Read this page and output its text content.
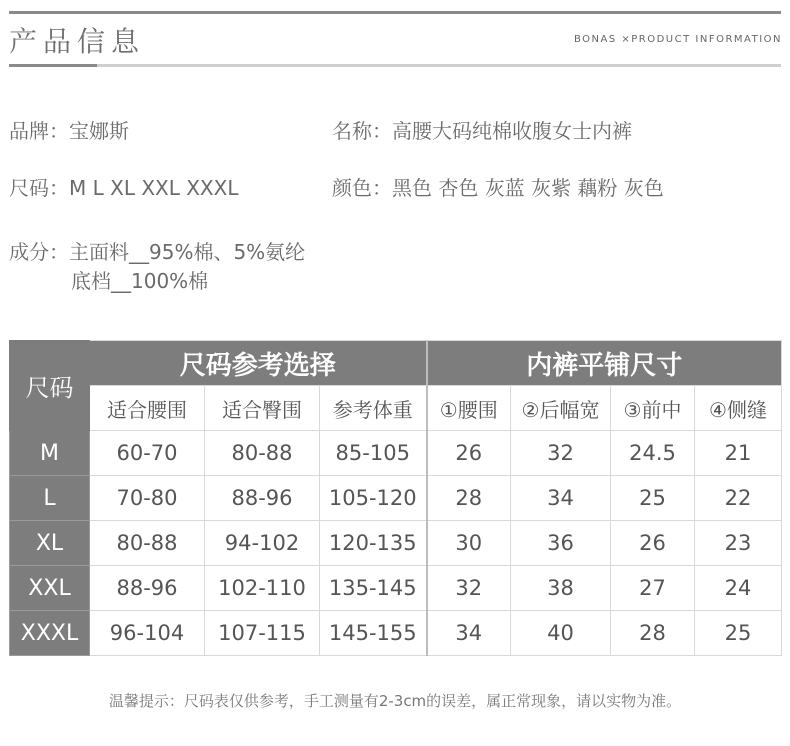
产品信息	BONAS ×PRODUCT INFORMATION
品牌：宝娜斯	名称：高腰大码纯棉收腹女士内裤
尺码：M L XL XXL XXXL	颜色：黑色 杏色 灰蓝 灰紫 藕粉 灰色
成分：主面料__95%棉、5%氨纶
底档__100%棉
尺码	尺码参考选择			内裤平铺尺寸			
	适合腰围	适合臀围	参考体重	①腰围	②后幅宽	③前中	④侧缝
M	60-70	80-88	85-105	26	32	24.5	21
L	70-80	88-96	105-120	28	34	25	22
XL	80-88	94-102	120-135	30	36	26	23
XXL	88-96	102-110	135-145	32	38	27	24
XXXL	96-104	107-115	145-155	34	40	28	25
温馨提示：尺码表仅供参考，手工测量有2-3cm的误差，属正常现象，请以实物为准。
